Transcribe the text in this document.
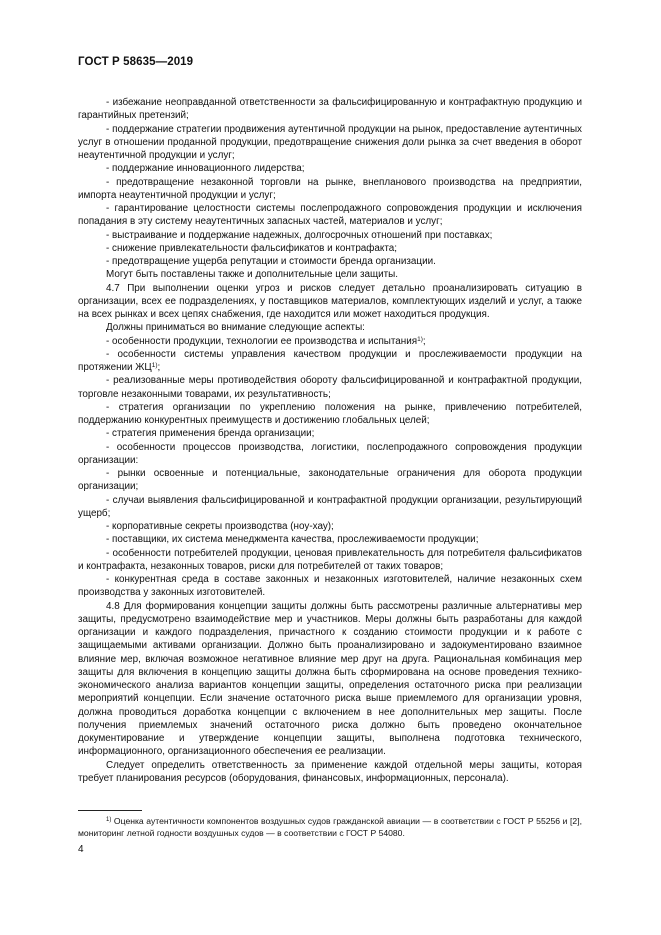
ГОСТ Р 58635—2019

- избежание неоправданной ответственности за фальсифицированную и контрафактную продукцию и гарантийных претензий;

- поддержание стратегии продвижения аутентичной продукции на рынок, предоставление аутентичных услуг в отношении проданной продукции, предотвращение снижения доли рынка за счет введения в оборот неаутентичной продукции и услуг;

- поддержание инновационного лидерства;

- предотвращение незаконной торговли на рынке, внепланового производства на предприятии, импорта неаутентичной продукции и услуг;

- гарантирование целостности системы послепродажного сопровождения продукции и исключения попадания в эту систему неаутентичных запасных частей, материалов и услуг;

- выстраивание и поддержание надежных, долгосрочных отношений при поставках;

- снижение привлекательности фальсификатов и контрафакта;

- предотвращение ущерба репутации и стоимости бренда организации.

Могут быть поставлены также и дополнительные цели защиты.

4.7 При выполнении оценки угроз и рисков следует детально проанализировать ситуацию в организации, всех ее подразделениях, у поставщиков материалов, комплектующих изделий и услуг, а также на всех рынках и всех цепях снабжения, где находится или может находиться продукция.

Должны приниматься во внимание следующие аспекты:

- особенности продукции, технологии ее производства и испытания$^{1)}$;

- особенности системы управления качеством продукции и прослеживаемости продукции на протяжении ЖЦ$^{1)}$;

- реализованные меры противодействия обороту фальсифицированной и контрафактной продукции, торговле незаконными товарами, их результативность;

- стратегия организации по укреплению положения на рынке, привлечению потребителей, поддержанию конкурентных преимуществ и достижению глобальных целей;

- стратегия применения бренда организации;

- особенности процессов производства, логистики, послепродажного сопровождения продукции организации:

- рынки освоенные и потенциальные, законодательные ограничения для оборота продукции организации;

- случаи выявления фальсифицированной и контрафактной продукции организации, результирующий ущерб;

- корпоративные секреты производства (ноу-хау);

- поставщики, их система менеджмента качества, прослеживаемости продукции;

- особенности потребителей продукции, ценовая привлекательность для потребителя фальсификатов и контрафакта, незаконных товаров, риски для потребителей от таких товаров;

- конкурентная среда в составе законных и незаконных изготовителей, наличие незаконных схем производства у законных изготовителей.

4.8 Для формирования концепции защиты должны быть рассмотрены различные альтернативы мер защиты, предусмотрено взаимодействие мер и участников. Меры должны быть разработаны для каждой организации и каждого подразделения, причастного к созданию стоимости продукции и к работе с защищаемыми активами организации. Должно быть проанализировано и задокументировано взаимное влияние мер, включая возможное негативное влияние мер друг на друга. Рациональная комбинация мер защиты для включения в концепцию защиты должна быть сформирована на основе проведения технико-экономического анализа вариантов концепции защиты, определения остаточного риска при реализации мероприятий концепции. Если значение остаточного риска выше приемлемого для организации уровня, должна проводиться доработка концепции с включением в нее дополнительных мер защиты. После получения приемлемых значений остаточного риска должно быть проведено окончательное документирование и утверждение концепции защиты, выполнена подготовка технического, информационного, организационного обеспечения ее реализации.

Следует определить ответственность за применение каждой отдельной меры защиты, которая требует планирования ресурсов (оборудования, финансовых, информационных, персонала).

$^{1)}$ Оценка аутентичности компонентов воздушных судов гражданской авиации — в соответствии с ГОСТ Р 55256 и [2], мониторинг летной годности воздушных судов — в соответствии с ГОСТ Р 54080.

4
